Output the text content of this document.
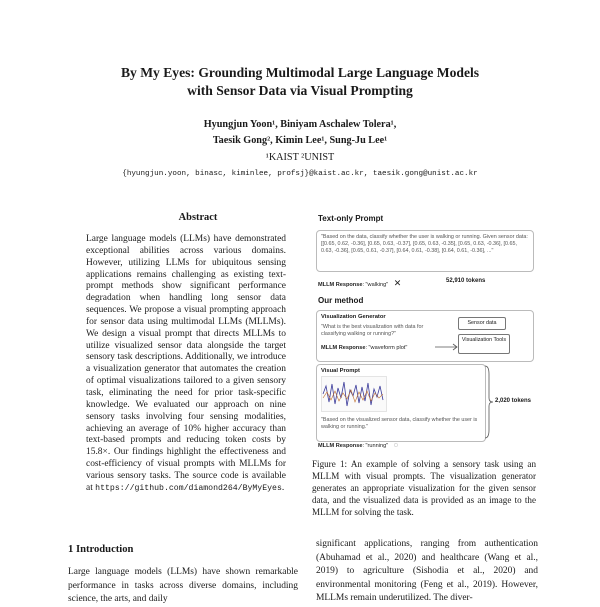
By My Eyes: Grounding Multimodal Large Language Models
with Sensor Data via Visual Prompting
Hyungjun Yoon¹, Biniyam Aschalew Tolera¹,
Taesik Gong², Kimin Lee¹, Sung-Ju Lee¹
¹KAIST ²UNIST
{hyungjun.yoon, binasc, kiminlee, profsj}@kaist.ac.kr, taesik.gong@unist.ac.kr
Abstract
Large language models (LLMs) have demonstrated exceptional abilities across various domains. However, utilizing LLMs for ubiquitous sensing applications remains challenging as existing text-prompt methods show significant performance degradation when handling long sensor data sequences. We propose a visual prompting approach for sensor data using multimodal LLMs (MLLMs). We design a visual prompt that directs MLLMs to utilize visualized sensor data alongside the target sensory task descriptions. Additionally, we introduce a visualization generator that automates the creation of optimal visualizations tailored to a given sensory task, eliminating the need for prior task-specific knowledge. We evaluated our approach on nine sensory tasks involving four sensing modalities, achieving an average of 10% higher accuracy than text-based prompts and reducing token costs by 15.8×. Our findings highlight the effectiveness and cost-efficiency of visual prompts with MLLMs for various sensory tasks. The source code is available at https://github.com/diamond264/ByMyEyes.
1 Introduction
Large language models (LLMs) have shown remarkable performance in tasks across diverse domains, including science, the arts, and daily
significant applications, ranging from authentication (Abuhamad et al., 2020) and healthcare (Wang et al., 2019) to agriculture (Sishodia et al., 2020) and environmental monitoring (Feng et al., 2019). However, MLLMs remain underutilized. The diver-
Text-only Prompt
"Based on the data, classify whether the user is walking or running. Given sensor data: [[0.65, 0.62, -0.36], [0.65, 0.63, -0.37], [0.65, 0.63, -0.35], [0.65, 0.63, -0.36], [0.65, 0.63, -0.36], [0.65, 0.61, -0.37], [0.64, 0.61, -0.38], [0.64, 0.61, -0.36], ..."
MLLM Response: "walking" ✕	52,910 tokens
Our method
Visualization Generator
"What is the best visualization with data for classifying walking or running?"
MLLM Response: "waveform plot"
Sensor data
Visualization Tools
Visual Prompt
"Based on the visualized sensor data, classify whether the user is walking or running."
2,020 tokens
MLLM Response: "running" ◌
Figure 1: An example of solving a sensory task using an MLLM with visual prompts. The visualization generator generates an appropriate visualization for the given sensor data, and the visualized data is provided as an image to the MLLM for solving the task.
